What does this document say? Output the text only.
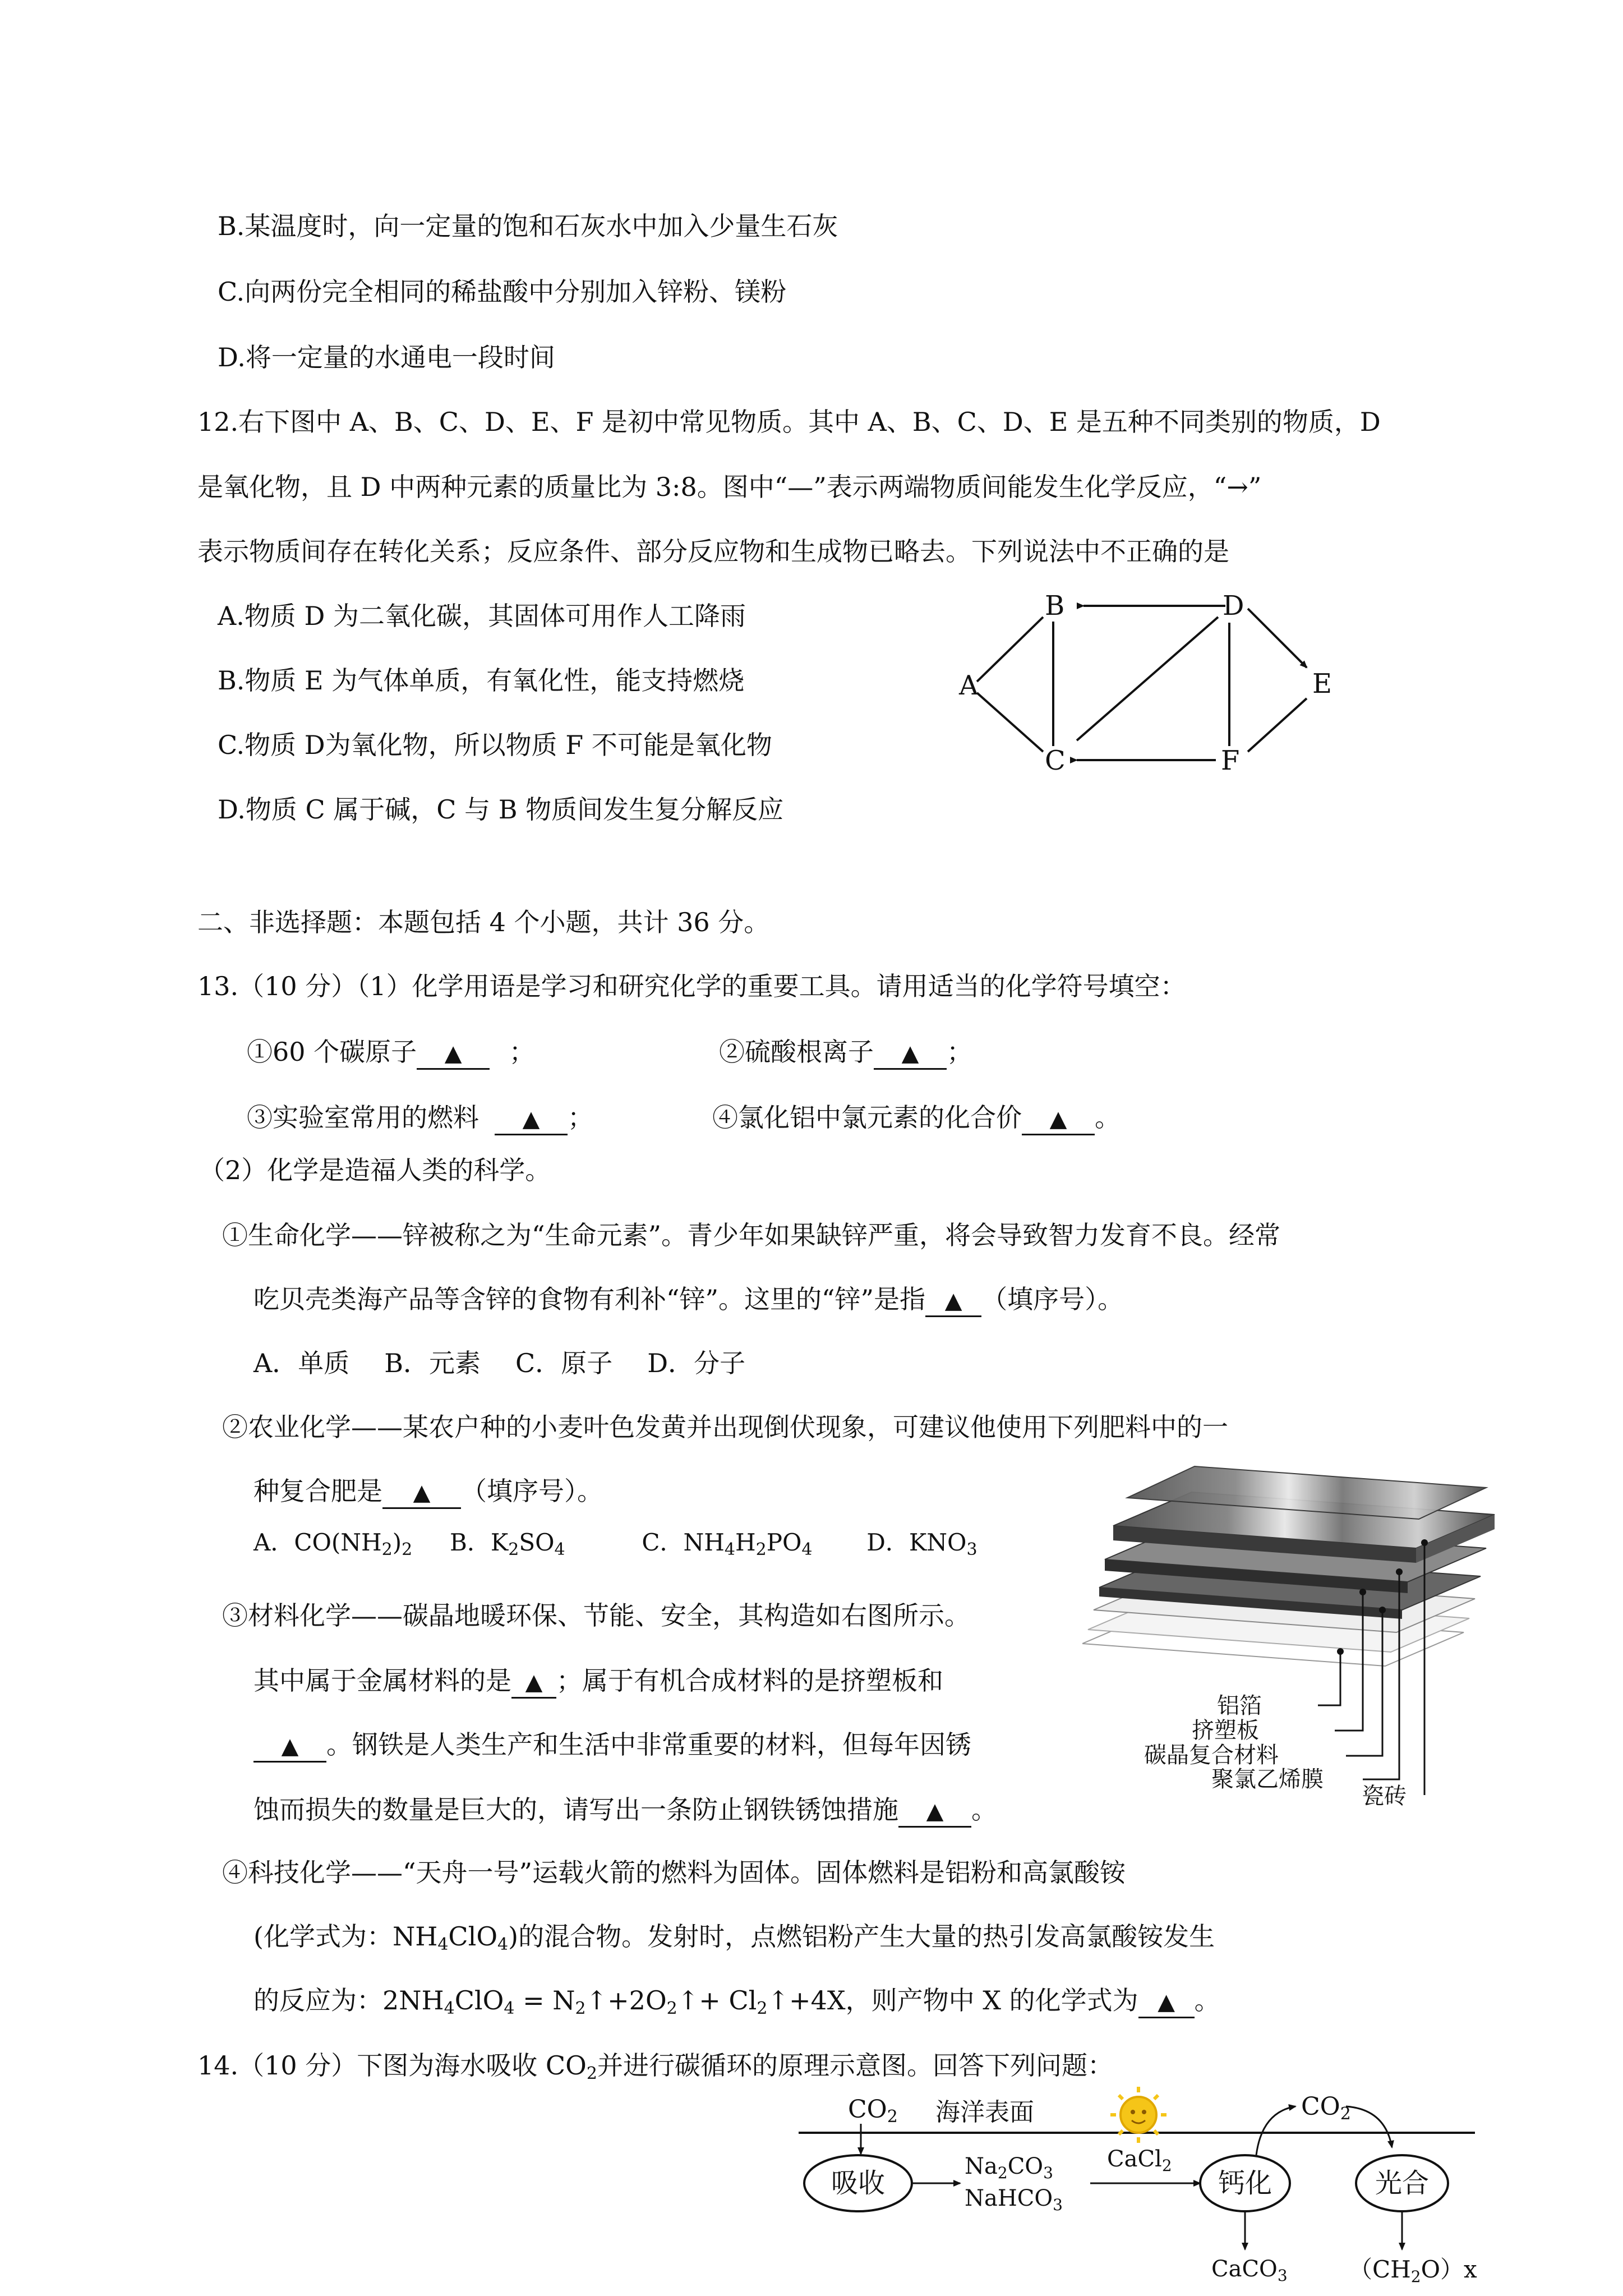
B.某温度时，向一定量的饱和石灰水中加入少量生石灰
C.向两份完全相同的稀盐酸中分别加入锌粉、镁粉
D.将一定量的水通电一段时间
12.右下图中 A、B、C、D、E、F 是初中常见物质。其中 A、B、C、D、E 是五种不同类别的物质，D
是氧化物，且 D 中两种元素的质量比为 3:8。图中“—”表示两端物质间能发生化学反应，“→”
表示物质间存在转化关系；反应条件、部分反应物和生成物已略去。下列说法中不正确的是
A.物质 D 为二氧化碳，其固体可用作人工降雨
B.物质 E 为气体单质，有氧化性，能支持燃烧
C.物质 D为氧化物，所以物质 F 不可能是氧化物
D.物质 C 属于碱，C 与 B 物质间发生复分解反应
A
B	D
E
C	F
二、非选择题：本题包括 4 个小题，共计 36 分。
13.（10 分）（1）化学用语是学习和研究化学的重要工具。请用适当的化学符号填空：
①60 个碳原子 ▲ ；	②硫酸根离子 ▲ ；
③实验室常用的燃料 ▲ ；	④氯化铝中氯元素的化合价 ▲ 。
（2）化学是造福人类的科学。
①生命化学——锌被称之为“生命元素”。青少年如果缺锌严重，将会导致智力发育不良。经常
吃贝壳类海产品等含锌的食物有利补“锌”。这里的“锌”是指 ▲ （填序号）。
A．单质 B．元素 C．原子 D．分子
②农业化学——某农户种的小麦叶色发黄并出现倒伏现象，可建议他使用下列肥料中的一
种复合肥是 ▲ （填序号）。
A．$CO(NH_2)_2$ B．$K_2SO_4$	C．$NH_4H_2PO_4$ D．$KNO_3$
③材料化学——碳晶地暖环保、节能、安全，其构造如右图所示。
其中属于金属材料的是 ▲ ；属于有机合成材料的是挤塑板和
▲ 。钢铁是人类生产和生活中非常重要的材料，但每年因锈
蚀而损失的数量是巨大的，请写出一条防止钢铁锈蚀措施 ▲ 。
铝箔
挤塑板
碳晶复合材料
聚氯乙烯膜
瓷砖
④科技化学——“天舟一号”运载火箭的燃料为固体。固体燃料是铝粉和高氯酸铵
(化学式为：$NH_4ClO_4$)的混合物。发射时，点燃铝粉产生大量的热引发高氯酸铵发生
的反应为：$2NH_4ClO_4$ = $N_2↑+2O_2↑+$ $Cl_2↑+4X$，则产物中 X 的化学式为 ▲ 。
14.（10 分）下图为海水吸收 $CO_2$并进行碳循环的原理示意图。回答下列问题：
CO2 海洋表面
吸收
$Na_2CO_3$
NaHCO$_3$
CaCl$_2$
钙化	光合
CO2
CaCO$_3$	（CH2O）x
